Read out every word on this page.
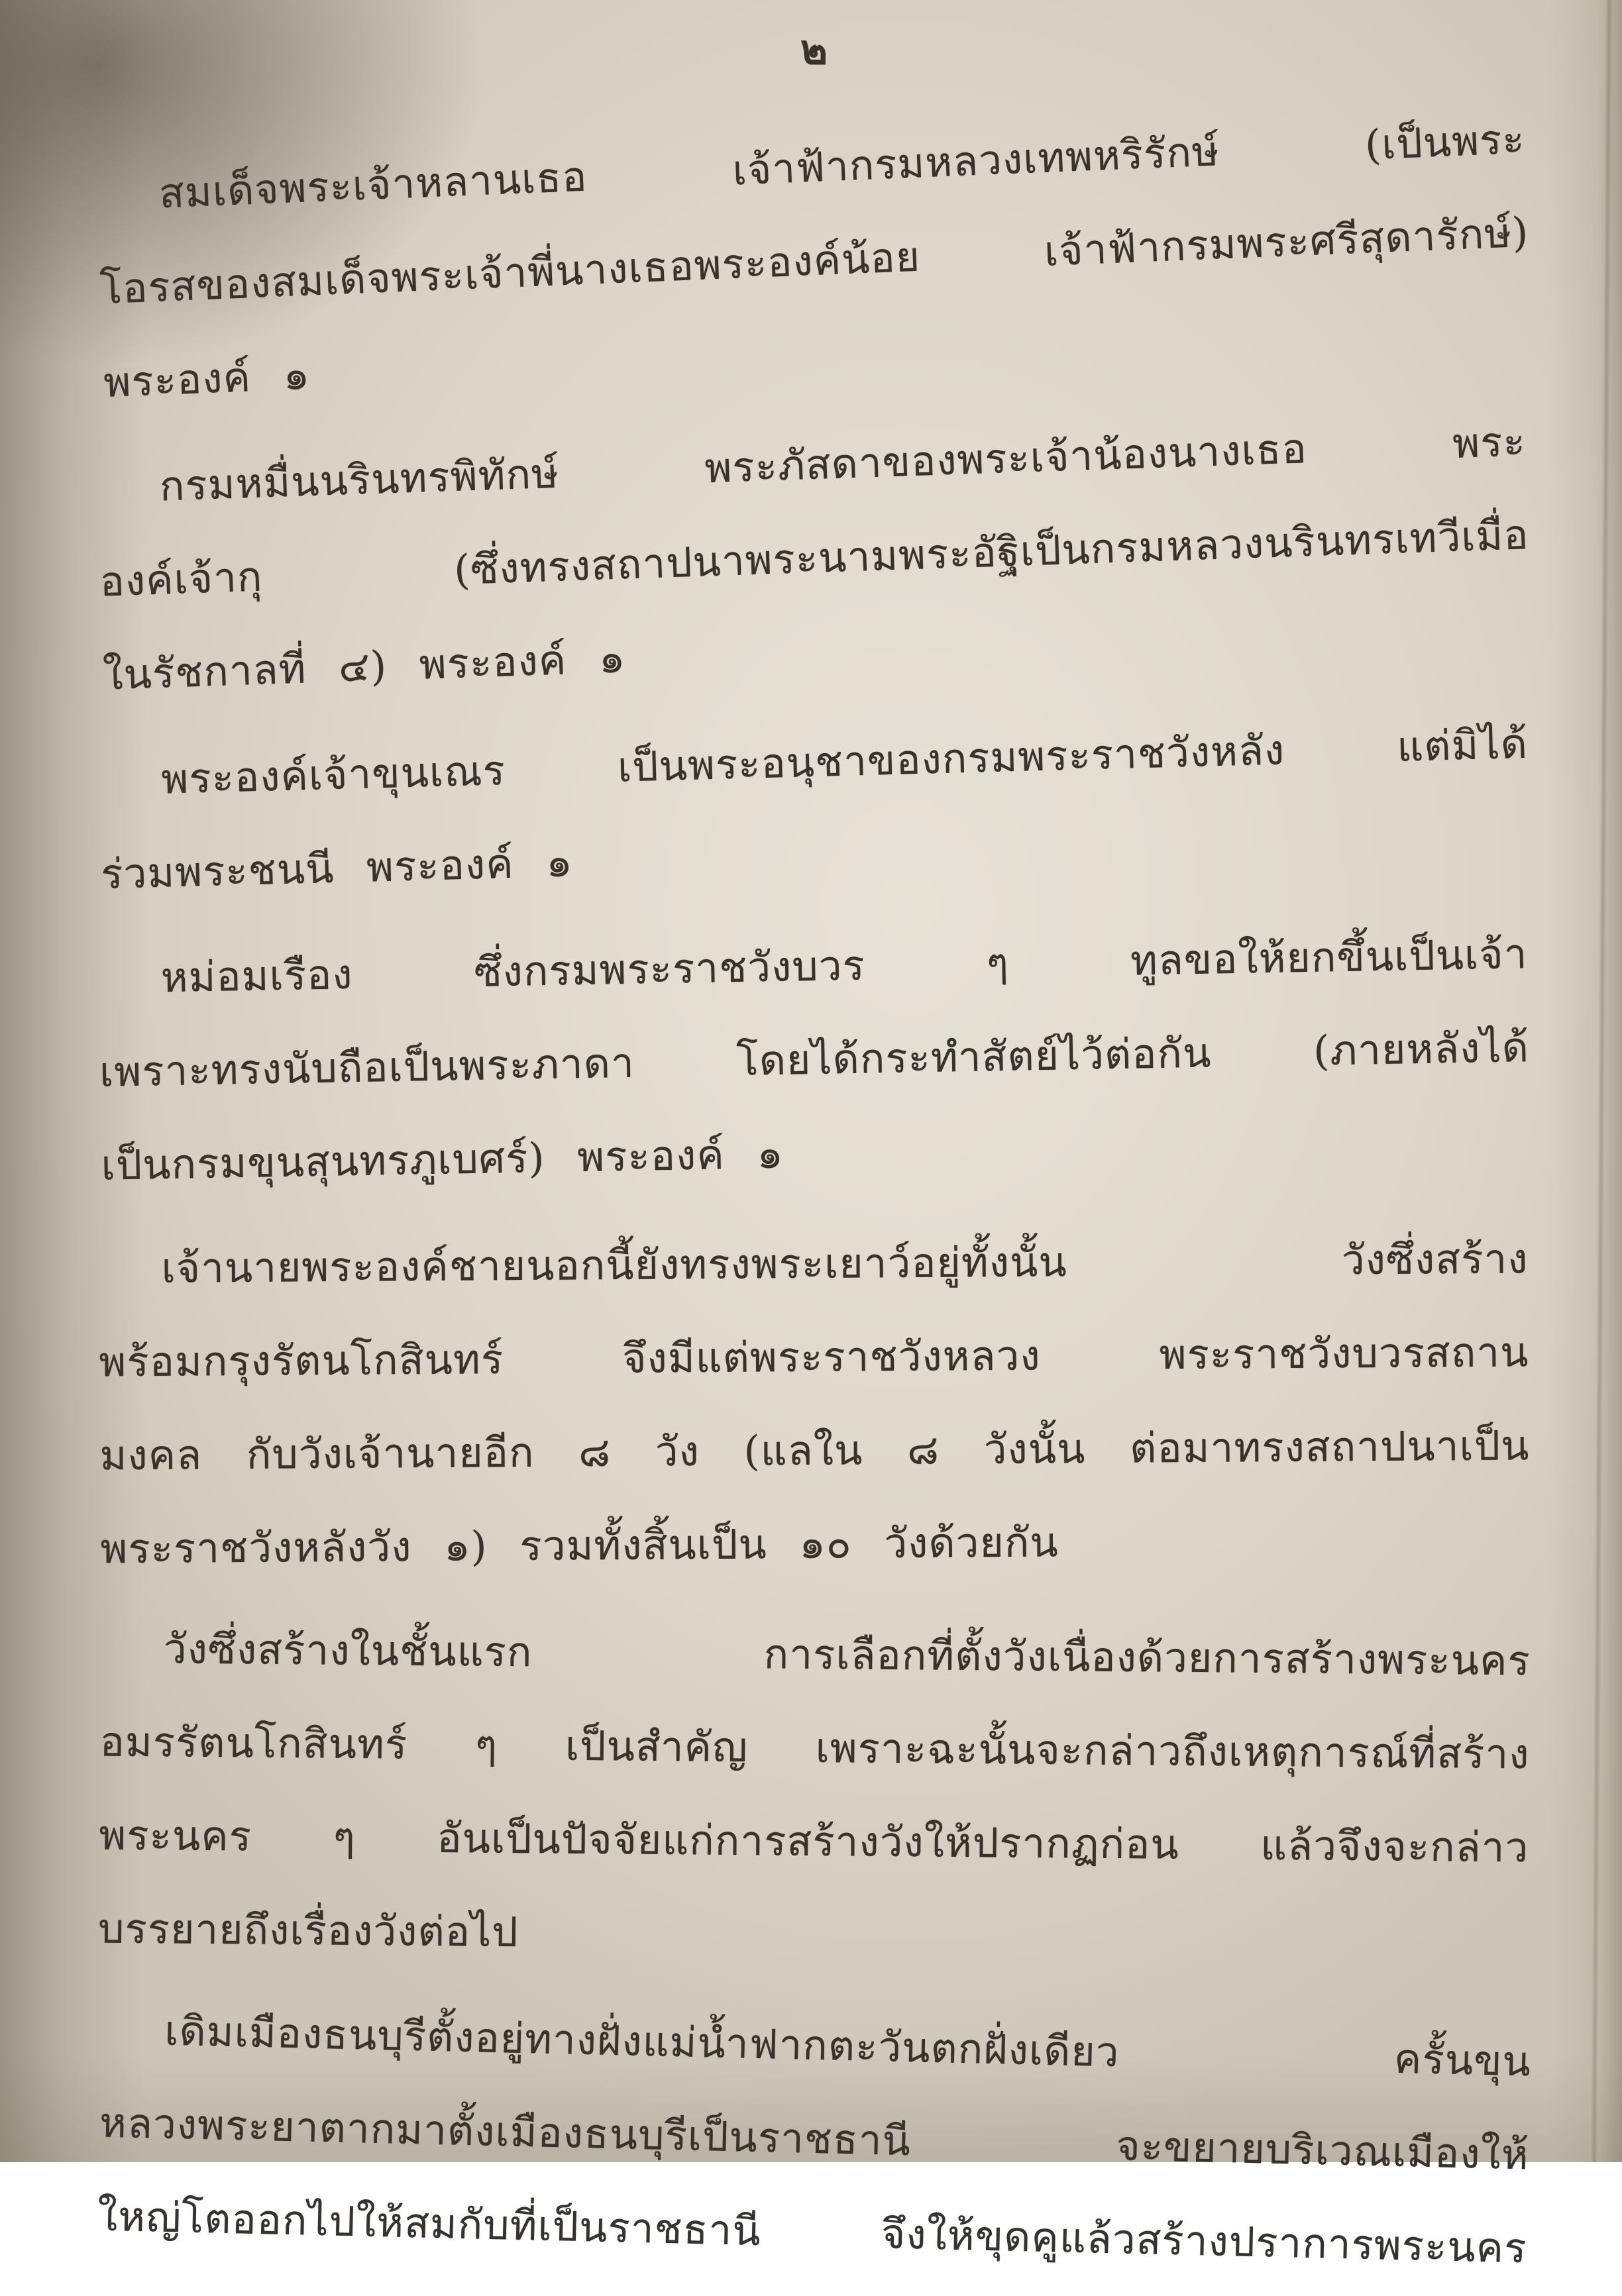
๒
สมเด็จพระเจ้าหลานเธอ เจ้าฟ้ากรมหลวงเทพหริรักษ์ (เป็นพระ
โอรสของสมเด็จพระเจ้าพี่นางเธอพระองค์น้อย เจ้าฟ้ากรมพระศรีสุดารักษ์)
พระองค์ ๑
กรมหมื่นนรินทรพิทักษ์ พระภัสดาของพระเจ้าน้องนางเธอ พระ
องค์เจ้ากุ (ซึ่งทรงสถาปนาพระนามพระอัฐิเป็นกรมหลวงนรินทรเทวีเมื่อ
ในรัชกาลที่ ๔) พระองค์ ๑
พระองค์เจ้าขุนเณร เป็นพระอนุชาของกรมพระราชวังหลัง แต่มิได้
ร่วมพระชนนี พระองค์ ๑
หม่อมเรือง ซึ่งกรมพระราชวังบวร ๆ ทูลขอให้ยกขึ้นเป็นเจ้า
เพราะทรงนับถือเป็นพระภาดา โดยได้กระทำสัตย์ไว้ต่อกัน (ภายหลังได้
เป็นกรมขุนสุนทรภูเบศร์) พระองค์ ๑
เจ้านายพระองค์ชายนอกนี้ยังทรงพระเยาว์อยู่ทั้งนั้น วังซึ่งสร้าง
พร้อมกรุงรัตนโกสินทร์ จึงมีแต่พระราชวังหลวง พระราชวังบวรสถาน
มงคล กับวังเจ้านายอีก ๘ วัง (แลใน ๘ วังนั้น ต่อมาทรงสถาปนาเป็น
พระราชวังหลังวัง ๑) รวมทั้งสิ้นเป็น ๑๐ วังด้วยกัน
วังซึ่งสร้างในชั้นแรก การเลือกที่ตั้งวังเนื่องด้วยการสร้างพระนคร
อมรรัตนโกสินทร์ ๆ เป็นสำคัญ เพราะฉะนั้นจะกล่าวถึงเหตุการณ์ที่สร้าง
พระนคร ๆ อันเป็นปัจจัยแก่การสร้างวังให้ปรากฏก่อน แล้วจึงจะกล่าว
บรรยายถึงเรื่องวังต่อไป
เดิมเมืองธนบุรีตั้งอยู่ทางฝั่งแม่น้ำฟากตะวันตกฝั่งเดียว ครั้นขุน
หลวงพระยาตากมาตั้งเมืองธนบุรีเป็นราชธานี จะขยายบริเวณเมืองให้
ใหญ่โตออกไปให้สมกับที่เป็นราชธานี จึงให้ขุดคูแล้วสร้างปราการพระนคร
